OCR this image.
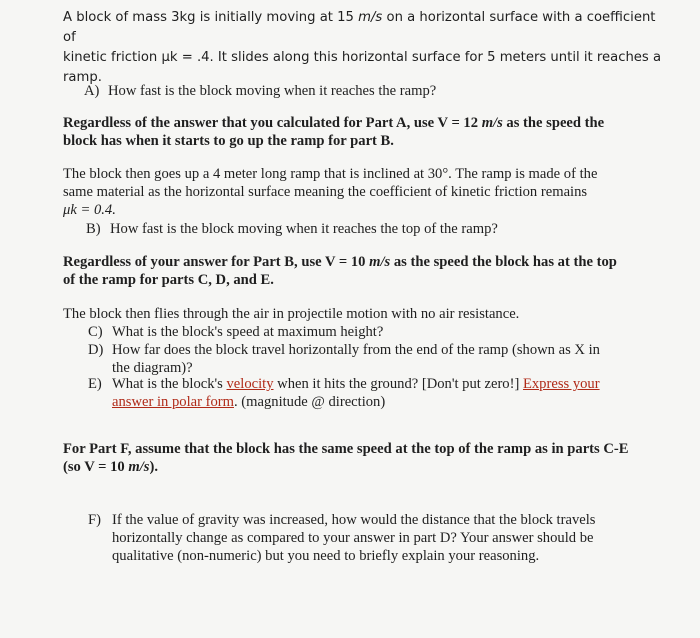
A block of mass 3kg is initially moving at 15 m/s on a horizontal surface with a coefficient of
kinetic friction μk = .4. It slides along this horizontal surface for 5 meters until it reaches a
ramp.
A) How fast is the block moving when it reaches the ramp?
Regardless of the answer that you calculated for Part A, use V = 12 m/s as the speed the
block has when it starts to go up the ramp for part B.
The block then goes up a 4 meter long ramp that is inclined at 30°. The ramp is made of the
same material as the horizontal surface meaning the coefficient of kinetic friction remains
μk = 0.4.
B) How fast is the block moving when it reaches the top of the ramp?
Regardless of your answer for Part B, use V = 10 m/s as the speed the block has at the top
of the ramp for parts C, D, and E.
The block then flies through the air in projectile motion with no air resistance.
C) What is the block's speed at maximum height?
D) How far does the block travel horizontally from the end of the ramp (shown as X in
the diagram)?
E) What is the block's velocity when it hits the ground? [Don't put zero!] Express your
answer in polar form. (magnitude @ direction)
For Part F, assume that the block has the same speed at the top of the ramp as in parts C-E
(so V = 10 m/s).
F) If the value of gravity was increased, how would the distance that the block travels
horizontally change as compared to your answer in part D? Your answer should be
qualitative (non-numeric) but you need to briefly explain your reasoning.
